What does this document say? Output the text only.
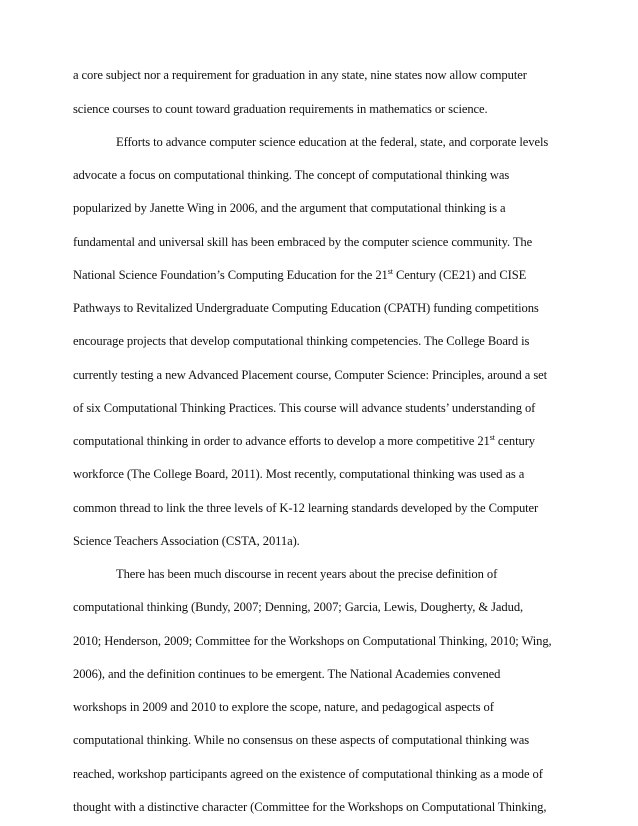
a core subject nor a requirement for graduation in any state, nine states now allow computer
science courses to count toward graduation requirements in mathematics or science.
Efforts to advance computer science education at the federal, state, and corporate levels
advocate a focus on computational thinking. The concept of computational thinking was
popularized by Janette Wing in 2006, and the argument that computational thinking is a
fundamental and universal skill has been embraced by the computer science community. The
National Science Foundation’s Computing Education for the 21st Century (CE21) and CISE
Pathways to Revitalized Undergraduate Computing Education (CPATH) funding competitions
encourage projects that develop computational thinking competencies. The College Board is
currently testing a new Advanced Placement course, Computer Science: Principles, around a set
of six Computational Thinking Practices. This course will advance students’ understanding of
computational thinking in order to advance efforts to develop a more competitive 21st century
workforce (The College Board, 2011). Most recently, computational thinking was used as a
common thread to link the three levels of K-12 learning standards developed by the Computer
Science Teachers Association (CSTA, 2011a).
There has been much discourse in recent years about the precise definition of
computational thinking (Bundy, 2007; Denning, 2007; Garcia, Lewis, Dougherty, & Jadud,
2010; Henderson, 2009; Committee for the Workshops on Computational Thinking, 2010; Wing,
2006), and the definition continues to be emergent. The National Academies convened
workshops in 2009 and 2010 to explore the scope, nature, and pedagogical aspects of
computational thinking. While no consensus on these aspects of computational thinking was
reached, workshop participants agreed on the existence of computational thinking as a mode of
thought with a distinctive character (Committee for the Workshops on Computational Thinking,
